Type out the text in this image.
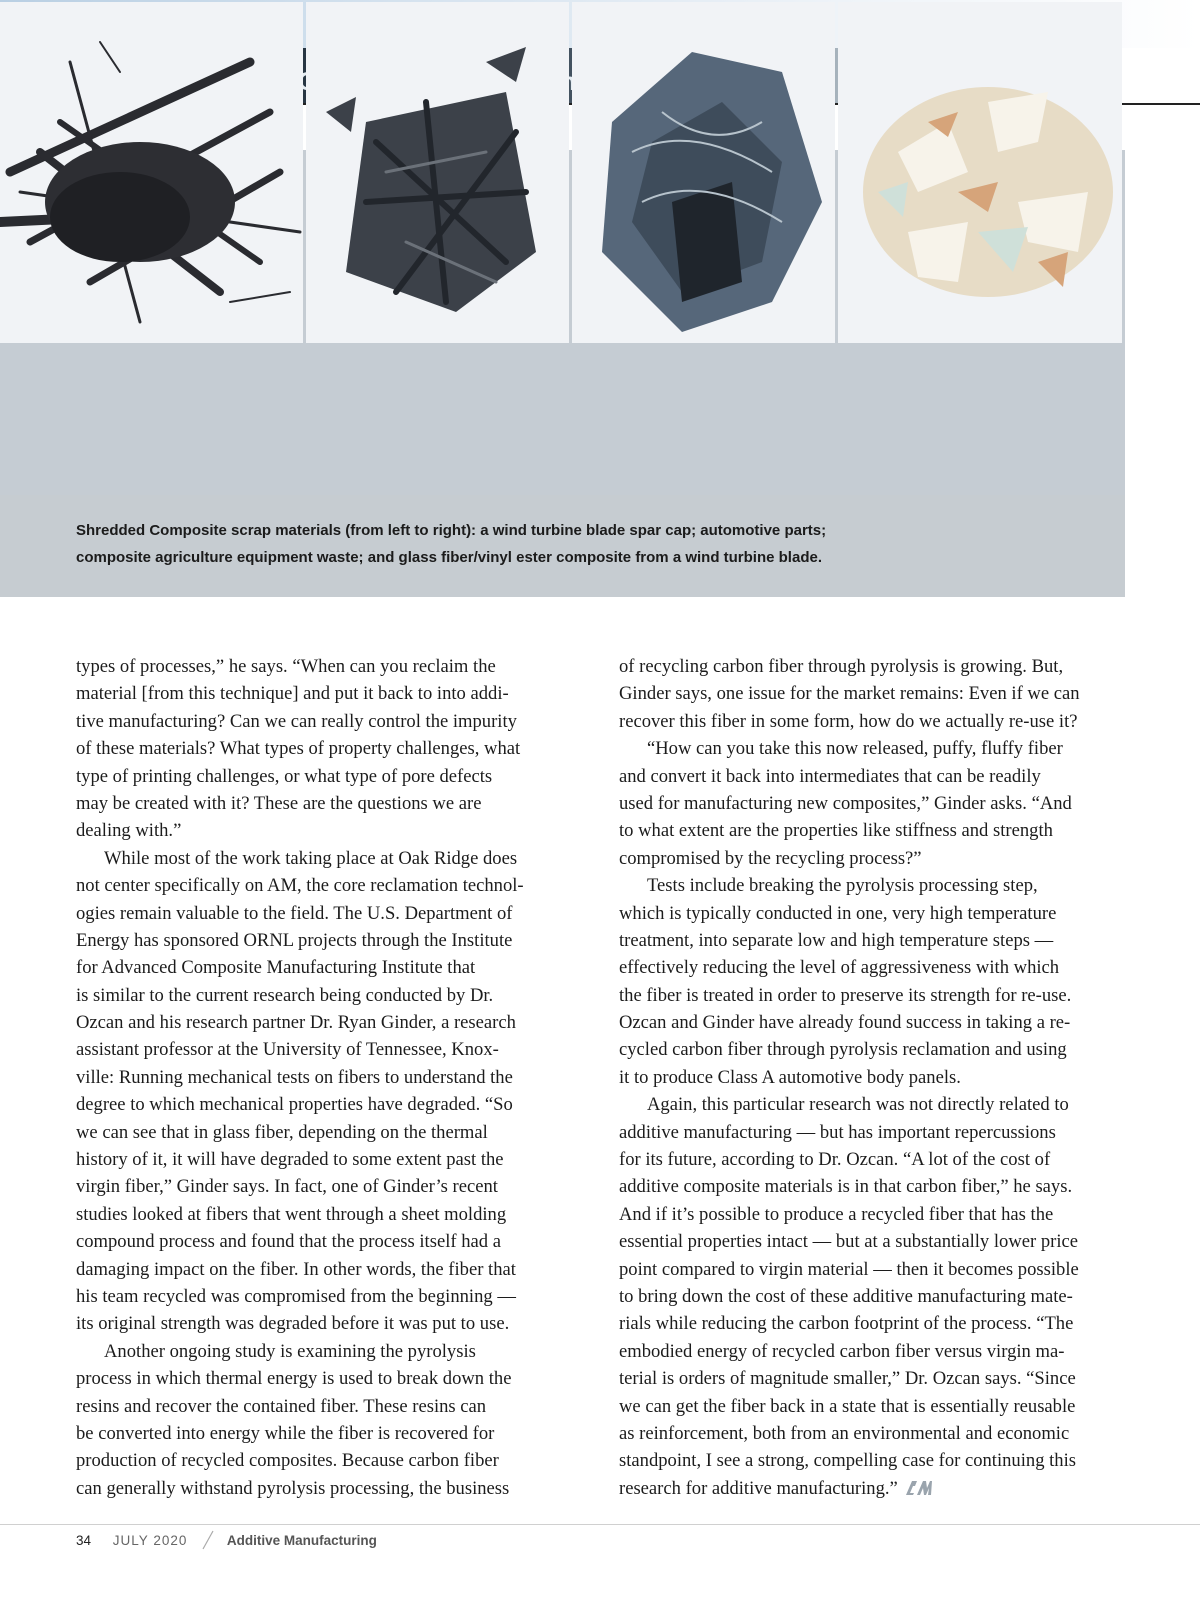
Shredded Composite scrap materials (from left to right): a wind turbine blade spar cap; automotive parts;
composite agriculture equipment waste; and glass fiber/vinyl ester composite from a wind turbine blade.
types of processes,” he says. “When can you reclaim the
material [from this technique] and put it back to into addi-
tive manufacturing? Can we can really control the impurity
of these materials? What types of property challenges, what
type of printing challenges, or what type of pore defects
may be created with it? These are the questions we are
dealing with.”
While most of the work taking place at Oak Ridge does
not center specifically on AM, the core reclamation technol-
ogies remain valuable to the field. The U.S. Department of
Energy has sponsored ORNL projects through the Institute
for Advanced Composite Manufacturing Institute that
is similar to the current research being conducted by Dr.
Ozcan and his research partner Dr. Ryan Ginder, a research
assistant professor at the University of Tennessee, Knox-
ville: Running mechanical tests on fibers to understand the
degree to which mechanical properties have degraded. “So
we can see that in glass fiber, depending on the thermal
history of it, it will have degraded to some extent past the
virgin fiber,” Ginder says. In fact, one of Ginder’s recent
studies looked at fibers that went through a sheet molding
compound process and found that the process itself had a
damaging impact on the fiber. In other words, the fiber that
his team recycled was compromised from the beginning —
its original strength was degraded before it was put to use.
Another ongoing study is examining the pyrolysis
process in which thermal energy is used to break down the
resins and recover the contained fiber. These resins can
be converted into energy while the fiber is recovered for
production of recycled composites. Because carbon fiber
can generally withstand pyrolysis processing, the business
of recycling carbon fiber through pyrolysis is growing. But,
Ginder says, one issue for the market remains: Even if we can
recover this fiber in some form, how do we actually re-use it?
“How can you take this now released, puffy, fluffy fiber
and convert it back into intermediates that can be readily
used for manufacturing new composites,” Ginder asks. “And
to what extent are the properties like stiffness and strength
compromised by the recycling process?”
Tests include breaking the pyrolysis processing step,
which is typically conducted in one, very high temperature
treatment, into separate low and high temperature steps —
effectively reducing the level of aggressiveness with which
the fiber is treated in order to preserve its strength for re-use.
Ozcan and Ginder have already found success in taking a re-
cycled carbon fiber through pyrolysis reclamation and using
it to produce Class A automotive body panels.
Again, this particular research was not directly related to
additive manufacturing — but has important repercussions
for its future, according to Dr. Ozcan. “A lot of the cost of
additive composite materials is in that carbon fiber,” he says.
And if it’s possible to produce a recycled fiber that has the
essential properties intact — but at a substantially lower price
point compared to virgin material — then it becomes possible
to bring down the cost of these additive manufacturing mate-
rials while reducing the carbon footprint of the process. “The
embodied energy of recycled carbon fiber versus virgin ma-
terial is orders of magnitude smaller,” Dr. Ozcan says. “Since
we can get the fiber back in a state that is essentially reusable
as reinforcement, both from an environmental and economic
standpoint, I see a strong, compelling case for continuing this
research for additive manufacturing.”
34 JULY 2020	Additive Manufacturing
